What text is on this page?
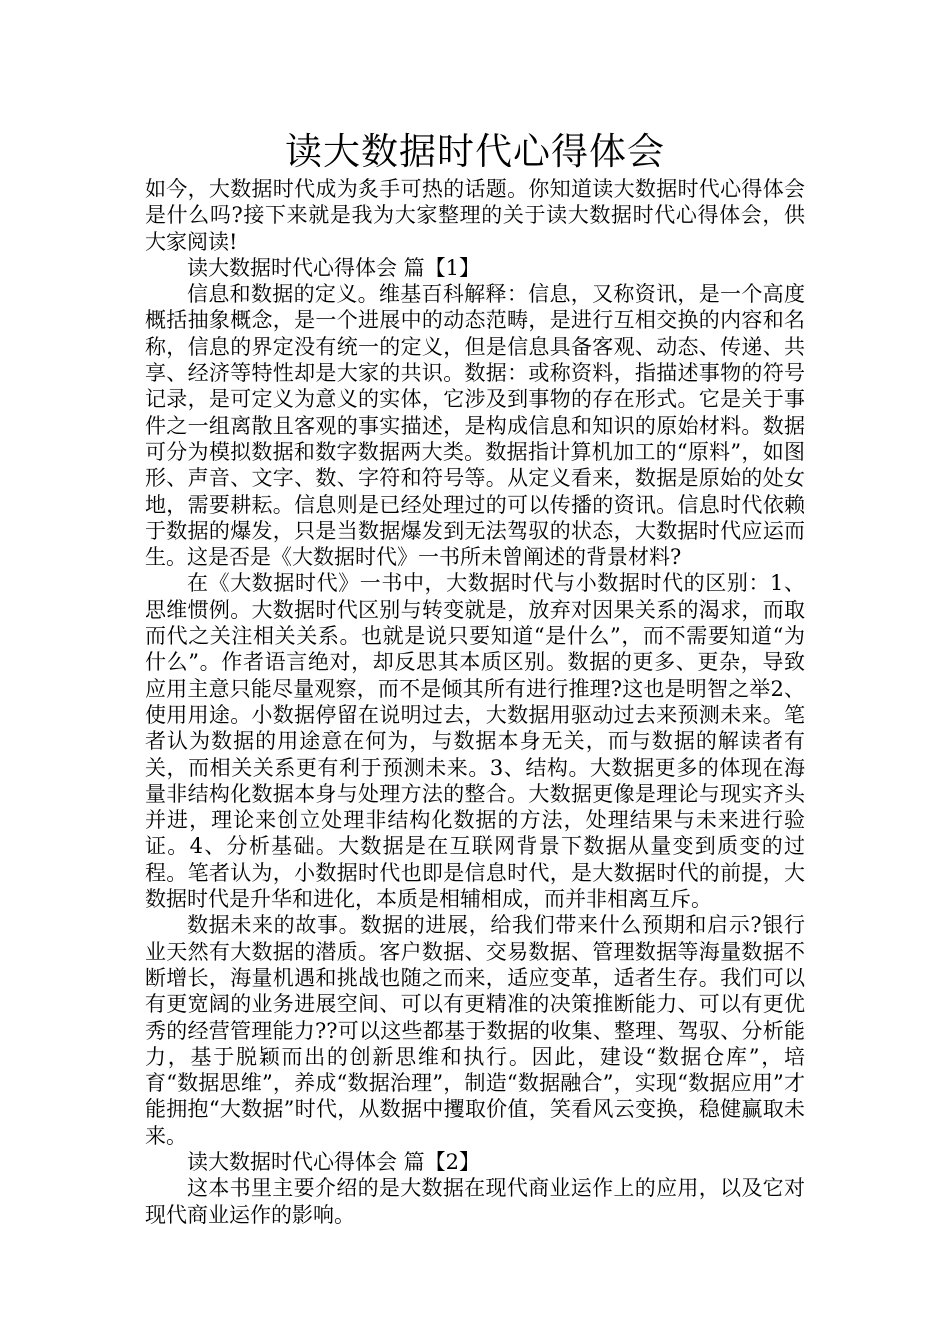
读大数据时代心得体会

如今，大数据时代成为炙手可热的话题。你知道读大数据时代心得体会是什么吗?接下来就是我为大家整理的关于读大数据时代心得体会，供大家阅读!

读大数据时代心得体会 篇【1】

信息和数据的定义。维基百科解释：信息，又称资讯，是一个高度概括抽象概念，是一个进展中的动态范畴，是进行互相交换的内容和名称，信息的界定没有统一的定义，但是信息具备客观、动态、传递、共享、经济等特性却是大家的共识。数据：或称资料，指描述事物的符号记录，是可定义为意义的实体，它涉及到事物的存在形式。它是关于事件之一组离散且客观的事实描述，是构成信息和知识的原始材料。数据可分为模拟数据和数字数据两大类。数据指计算机加工的“原料”，如图形、声音、文字、数、字符和符号等。从定义看来，数据是原始的处女地，需要耕耘。信息则是已经处理过的可以传播的资讯。信息时代依赖于数据的爆发，只是当数据爆发到无法驾驭的状态，大数据时代应运而生。这是否是《大数据时代》一书所未曾阐述的背景材料?

在《大数据时代》一书中，大数据时代与小数据时代的区别：1、思维惯例。大数据时代区别与转变就是，放弃对因果关系的渴求，而取而代之关注相关关系。也就是说只要知道“是什么”，而不需要知道“为什么”。作者语言绝对，却反思其本质区别。数据的更多、更杂，导致应用主意只能尽量观察，而不是倾其所有进行推理?这也是明智之举2、使用用途。小数据停留在说明过去，大数据用驱动过去来预测未来。笔者认为数据的用途意在何为，与数据本身无关，而与数据的解读者有关，而相关关系更有利于预测未来。3、结构。大数据更多的体现在海量非结构化数据本身与处理方法的整合。大数据更像是理论与现实齐头并进，理论来创立处理非结构化数据的方法，处理结果与未来进行验证。4、分析基础。大数据是在互联网背景下数据从量变到质变的过程。笔者认为，小数据时代也即是信息时代，是大数据时代的前提，大数据时代是升华和进化，本质是相辅相成，而并非相离互斥。

数据未来的故事。数据的进展，给我们带来什么预期和启示?银行业天然有大数据的潜质。客户数据、交易数据、管理数据等海量数据不断增长，海量机遇和挑战也随之而来，适应变革，适者生存。我们可以有更宽阔的业务进展空间、可以有更精准的决策推断能力、可以有更优秀的经营管理能力??可以这些都基于数据的收集、整理、驾驭、分析能力，基于脱颖而出的创新思维和执行。因此，建设“数据仓库”，培育“数据思维”，养成“数据治理”，制造“数据融合”，实现“数据应用”才能拥抱“大数据”时代，从数据中攫取价值，笑看风云变换，稳健赢取未来。

读大数据时代心得体会 篇【2】

这本书里主要介绍的是大数据在现代商业运作上的应用，以及它对现代商业运作的影响。
